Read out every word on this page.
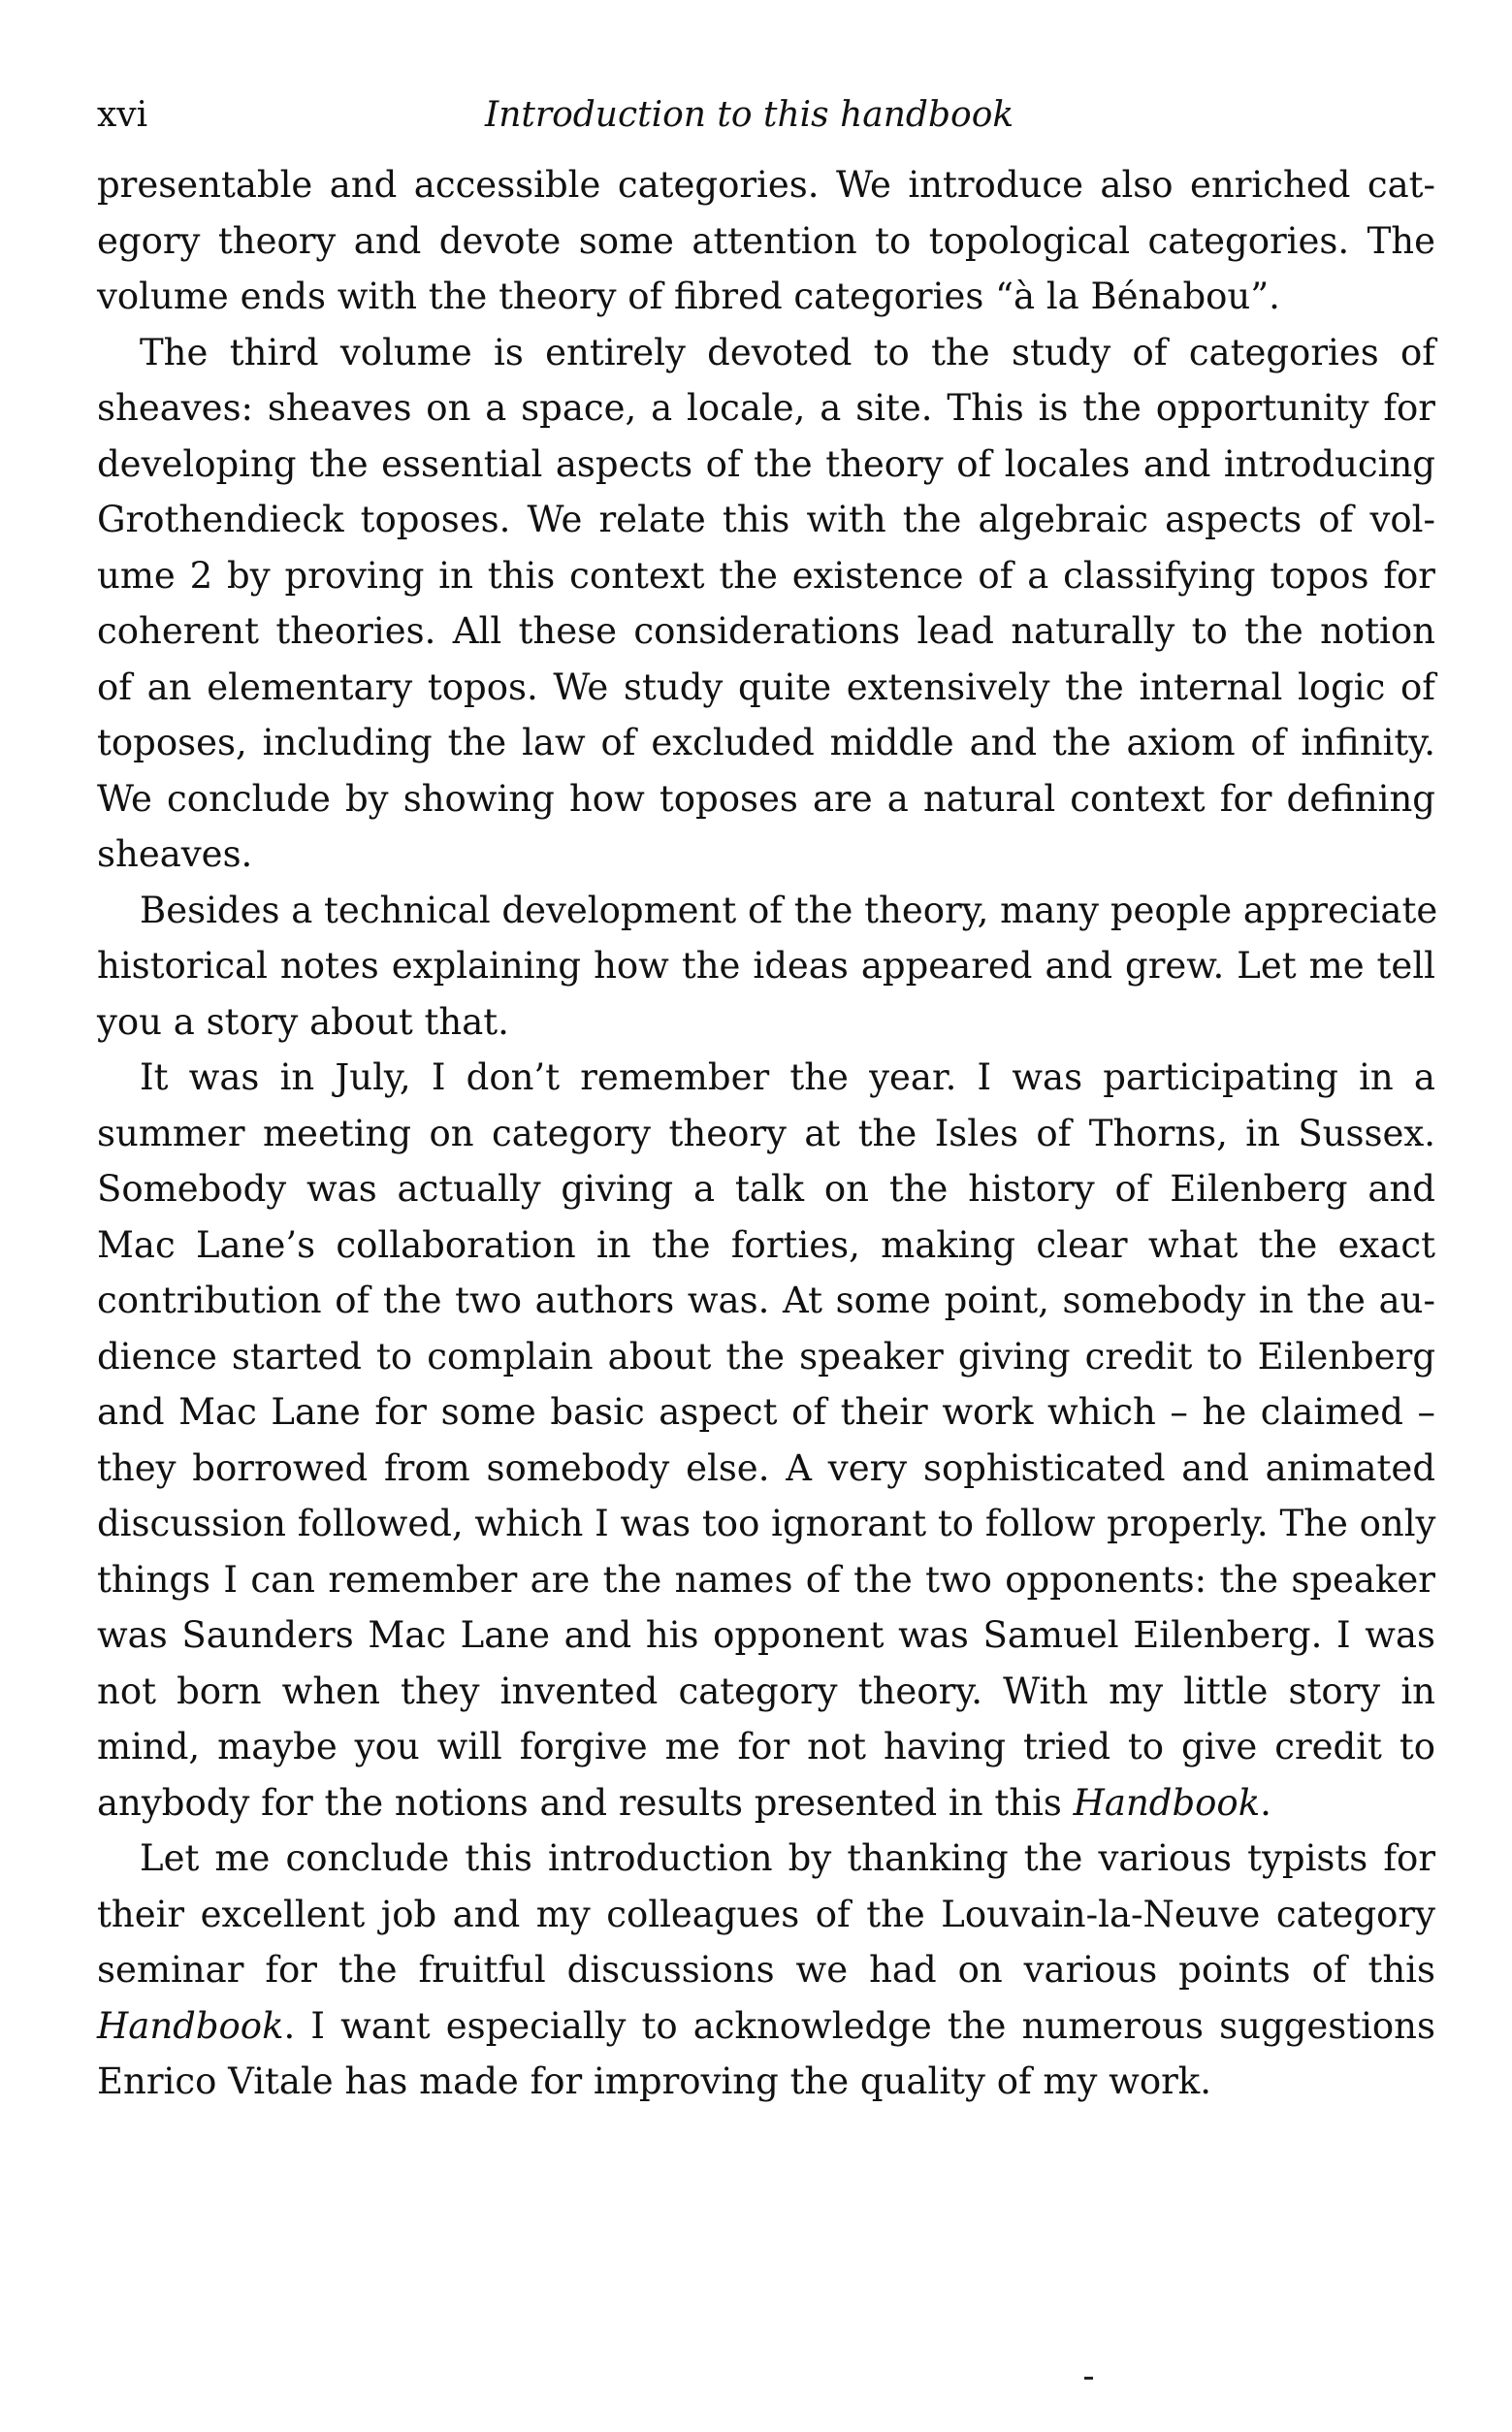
xvi	Introduction to this handbook
presentable and accessible categories. We introduce also enriched cat-
egory theory and devote some attention to topological categories. The
volume ends with the theory of fibred categories “à la Bénabou”.
The third volume is entirely devoted to the study of categories of
sheaves: sheaves on a space, a locale, a site. This is the opportunity for
developing the essential aspects of the theory of locales and introducing
Grothendieck toposes. We relate this with the algebraic aspects of vol-
ume 2 by proving in this context the existence of a classifying topos for
coherent theories. All these considerations lead naturally to the notion
of an elementary topos. We study quite extensively the internal logic of
toposes, including the law of excluded middle and the axiom of infinity.
We conclude by showing how toposes are a natural context for defining
sheaves.
Besides a technical development of the theory, many people appreciate
historical notes explaining how the ideas appeared and grew. Let me tell
you a story about that.
It was in July, I don’t remember the year. I was participating in a
summer meeting on category theory at the Isles of Thorns, in Sussex.
Somebody was actually giving a talk on the history of Eilenberg and
Mac Lane’s collaboration in the forties, making clear what the exact
contribution of the two authors was. At some point, somebody in the au-
dience started to complain about the speaker giving credit to Eilenberg
and Mac Lane for some basic aspect of their work which – he claimed –
they borrowed from somebody else. A very sophisticated and animated
discussion followed, which I was too ignorant to follow properly. The only
things I can remember are the names of the two opponents: the speaker
was Saunders Mac Lane and his opponent was Samuel Eilenberg. I was
not born when they invented category theory. With my little story in
mind, maybe you will forgive me for not having tried to give credit to
anybody for the notions and results presented in this Handbook.
Let me conclude this introduction by thanking the various typists for
their excellent job and my colleagues of the Louvain-la-Neuve category
seminar for the fruitful discussions we had on various points of this
Handbook. I want especially to acknowledge the numerous suggestions
Enrico Vitale has made for improving the quality of my work.
